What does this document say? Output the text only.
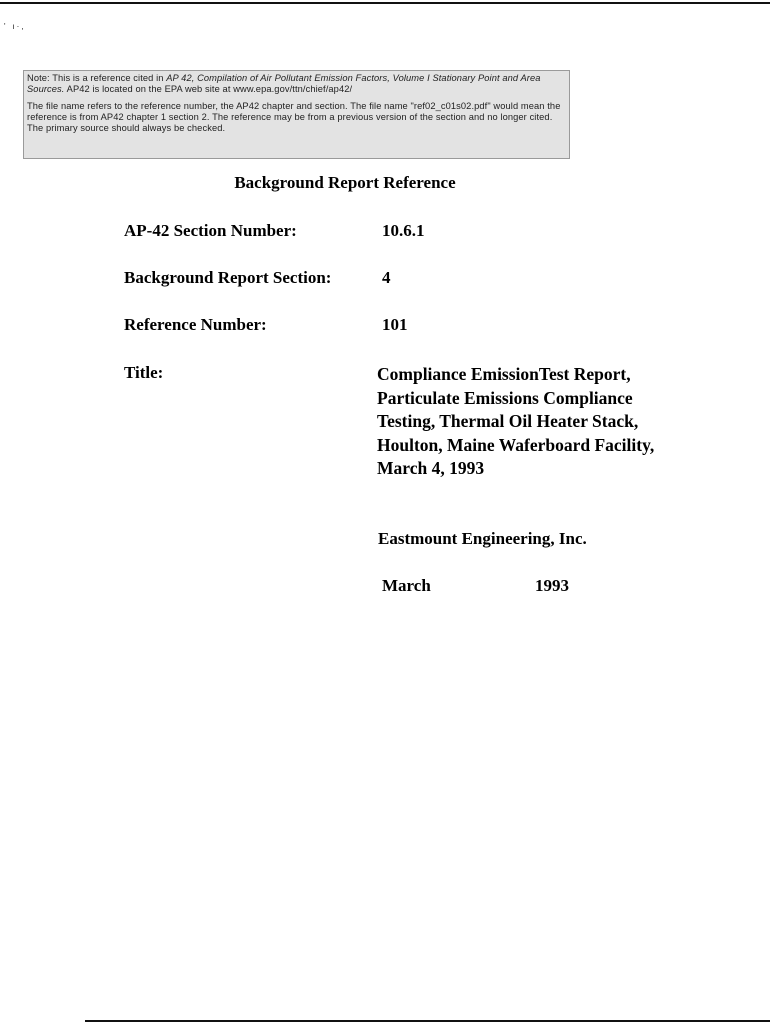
'   ı · ,

Note: This is a reference cited in AP 42, Compilation of Air Pollutant Emission Factors, Volume I Stationary Point and Area Sources. AP42 is located on the EPA web site at www.epa.gov/ttn/chief/ap42/

The file name refers to the reference number, the AP42 chapter and section. The file name "ref02_c01s02.pdf" would mean the reference is from AP42 chapter 1 section 2. The reference may be from a previous version of the section and no longer cited. The primary source should always be checked.

Background Report Reference
AP-42 Section Number:	10.6.1
Background Report Section:	4
Reference Number:	101
Title:	Compliance EmissionTest Report,
Particulate Emissions Compliance
Testing, Thermal Oil Heater Stack,
Houlton, Maine Waferboard Facility,
March 4, 1993
Eastmount Engineering, Inc.
March	1993
